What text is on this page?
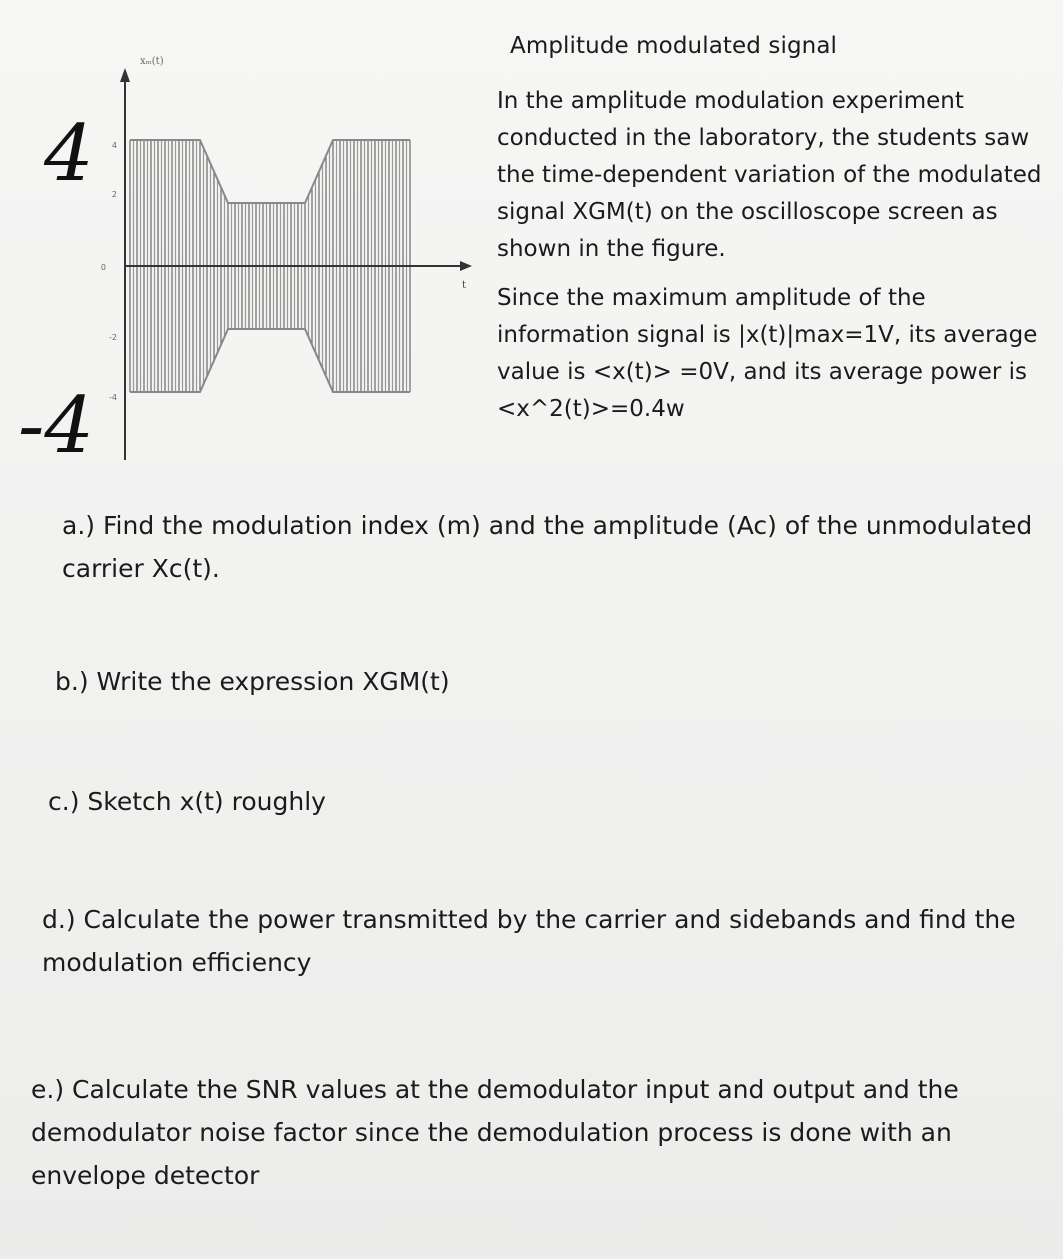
xₘ(t)
t
4
2
0
-2
-4
4
-4
Amplitude modulated signal

In the amplitude modulation experiment conducted in the laboratory, the students saw the time-dependent variation of the modulated signal XGM(t) on the oscilloscope screen as shown in the figure.

Since the maximum amplitude of the information signal is |x(t)|max=1V, its average value is <x(t)> =0V, and its average power is <x^2(t)>=0.4w

a.) Find the modulation index (m) and the amplitude (Ac) of the unmodulated carrier Xc(t).

b.) Write the expression XGM(t)

c.) Sketch x(t) roughly

d.) Calculate the power transmitted by the carrier and sidebands and find the modulation efficiency

e.) Calculate the SNR values at the demodulator input and output and the demodulator noise factor since the demodulation process is done with an envelope detector
